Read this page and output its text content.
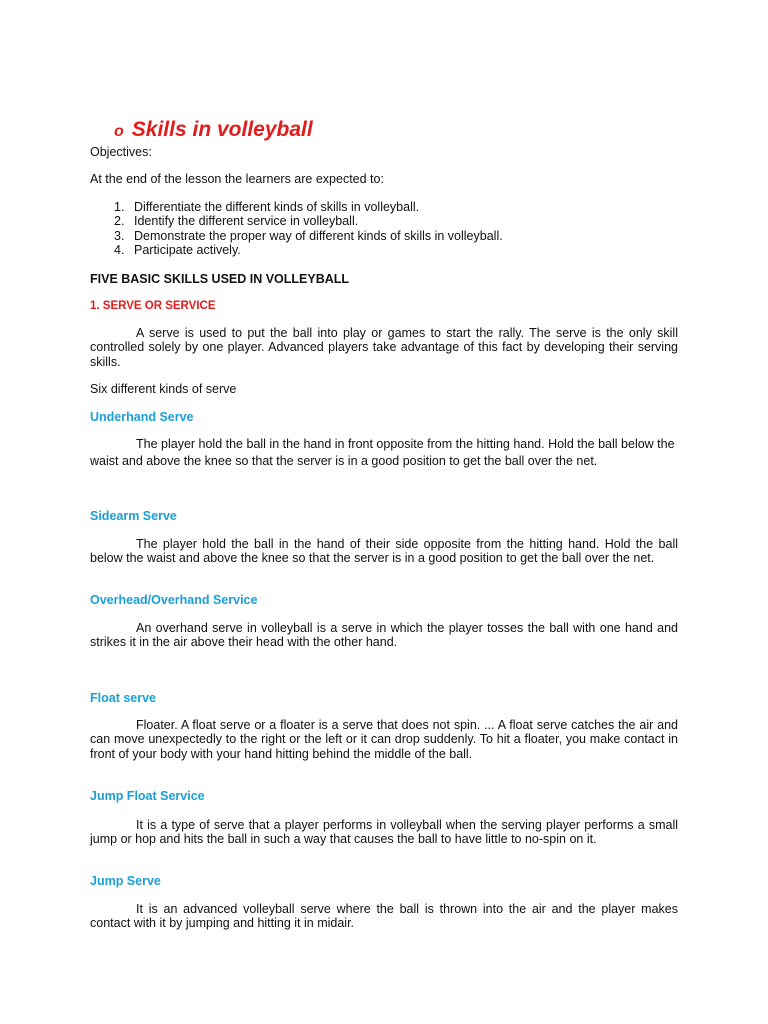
o Skills in volleyball
Objectives:
At the end of the lesson the learners are expected to:
1. Differentiate the different kinds of skills in volleyball.
2. Identify the different service in volleyball.
3. Demonstrate the proper way of different kinds of skills in volleyball.
4. Participate actively.
FIVE BASIC SKILLS USED IN VOLLEYBALL
1. SERVE OR SERVICE
A serve is used to put the ball into play or games to start the rally. The serve is the only skill controlled solely by one player. Advanced players take advantage of this fact by developing their serving skills.
Six different kinds of serve
Underhand Serve
The player hold the ball in the hand in front opposite from the hitting hand. Hold the ball below the waist and above the knee so that the server is in a good position to get the ball over the net.
Sidearm Serve
The player hold the ball in the hand of their side opposite from the hitting hand. Hold the ball below the waist and above the knee so that the server is in a good position to get the ball over the net.
Overhead/Overhand Service
An overhand serve in volleyball is a serve in which the player tosses the ball with one hand and strikes it in the air above their head with the other hand.
Float serve
Floater. A float serve or a floater is a serve that does not spin. ... A float serve catches the air and can move unexpectedly to the right or the left or it can drop suddenly. To hit a floater, you make contact in front of your body with your hand hitting behind the middle of the ball.
Jump Float Service
It is a type of serve that a player performs in volleyball when the serving player performs a small jump or hop and hits the ball in such a way that causes the ball to have little to no-spin on it.
Jump Serve
It is an advanced volleyball serve where the ball is thrown into the air and the player makes contact with it by jumping and hitting it in midair.
